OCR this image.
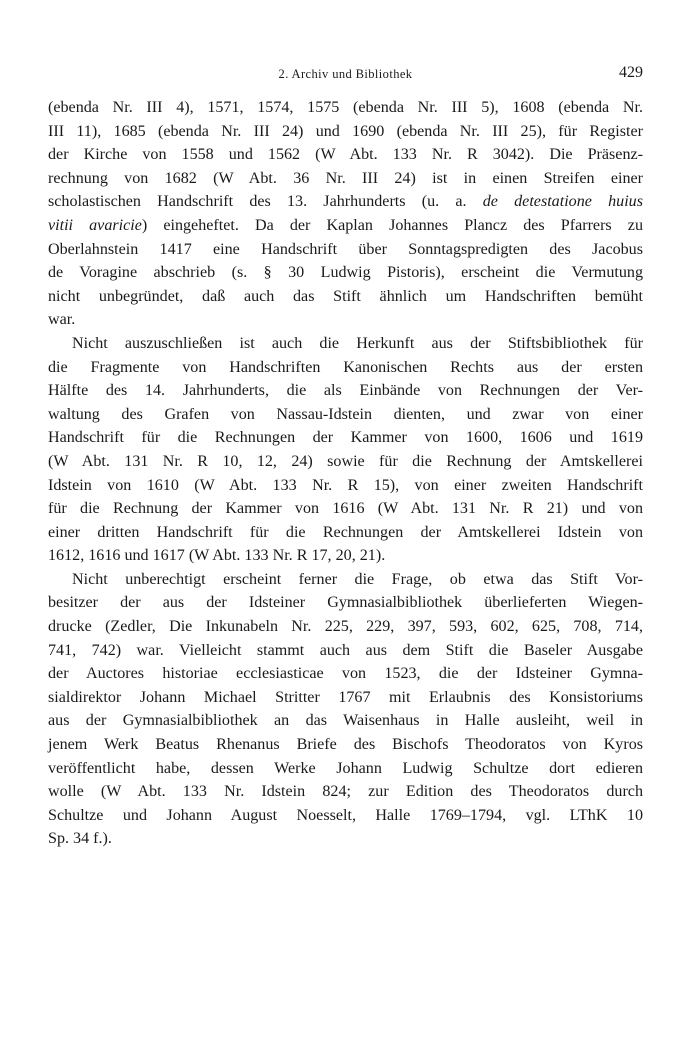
2. Archiv und Bibliothek	429

(ebenda Nr. III 4), 1571, 1574, 1575 (ebenda Nr. III 5), 1608 (ebenda Nr.
III 11), 1685 (ebenda Nr. III 24) und 1690 (ebenda Nr. III 25), für Register
der Kirche von 1558 und 1562 (W Abt. 133 Nr. R 3042). Die Präsenz-
rechnung von 1682 (W Abt. 36 Nr. III 24) ist in einen Streifen einer
scholastischen Handschrift des 13. Jahrhunderts (u. a. de detestatione huius
vitii avaricie) eingeheftet. Da der Kaplan Johannes Plancz des Pfarrers zu
Oberlahnstein 1417 eine Handschrift über Sonntagspredigten des Jacobus
de Voragine abschrieb (s. § 30 Ludwig Pistoris), erscheint die Vermutung
nicht unbegründet, daß auch das Stift ähnlich um Handschriften bemüht
war.

Nicht auszuschließen ist auch die Herkunft aus der Stiftsbibliothek für
die Fragmente von Handschriften Kanonischen Rechts aus der ersten
Hälfte des 14. Jahrhunderts, die als Einbände von Rechnungen der Ver-
waltung des Grafen von Nassau-Idstein dienten, und zwar von einer
Handschrift für die Rechnungen der Kammer von 1600, 1606 und 1619
(W Abt. 131 Nr. R 10, 12, 24) sowie für die Rechnung der Amtskellerei
Idstein von 1610 (W Abt. 133 Nr. R 15), von einer zweiten Handschrift
für die Rechnung der Kammer von 1616 (W Abt. 131 Nr. R 21) und von
einer dritten Handschrift für die Rechnungen der Amtskellerei Idstein von
1612, 1616 und 1617 (W Abt. 133 Nr. R 17, 20, 21).

Nicht unberechtigt erscheint ferner die Frage, ob etwa das Stift Vor-
besitzer der aus der Idsteiner Gymnasialbibliothek überlieferten Wiegen-
drucke (Zedler, Die Inkunabeln Nr. 225, 229, 397, 593, 602, 625, 708, 714,
741, 742) war. Vielleicht stammt auch aus dem Stift die Baseler Ausgabe
der Auctores historiae ecclesiasticae von 1523, die der Idsteiner Gymna-
sialdirektor Johann Michael Stritter 1767 mit Erlaubnis des Konsistoriums
aus der Gymnasialbibliothek an das Waisenhaus in Halle ausleiht, weil in
jenem Werk Beatus Rhenanus Briefe des Bischofs Theodoratos von Kyros
veröffentlicht habe, dessen Werke Johann Ludwig Schultze dort edieren
wolle (W Abt. 133 Nr. Idstein 824; zur Edition des Theodoratos durch
Schultze und Johann August Noesselt, Halle 1769–1794, vgl. LThK 10
Sp. 34 f.).
